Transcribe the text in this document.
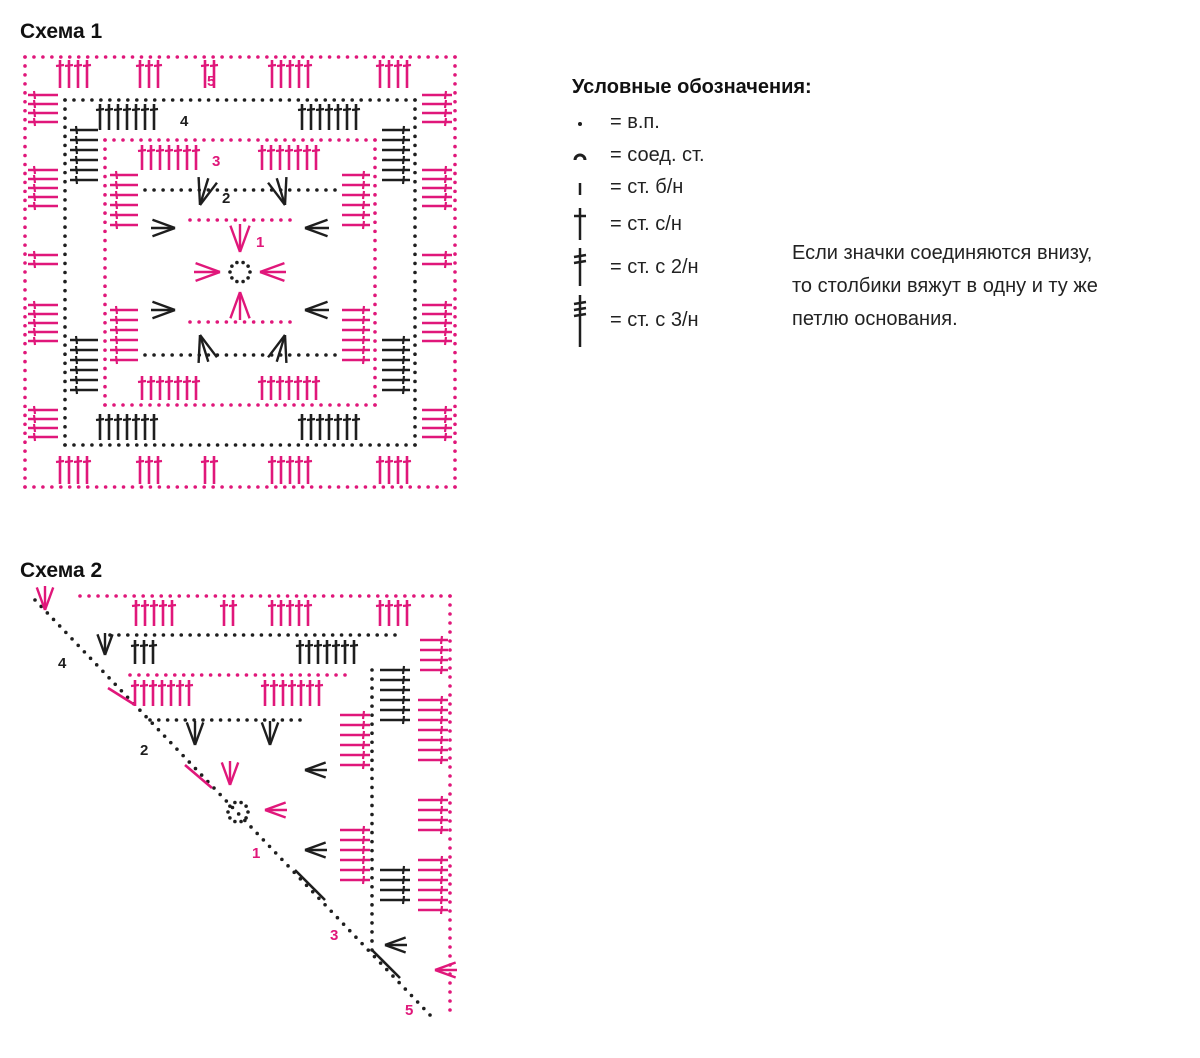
Схема 1
Схема 2
1
2
3
4
5
2
3
4
5
1
Условные обозначения:
= в.п.
= соед. ст.
= ст. б/н
= ст. с/н
= ст. с 2/н
= ст. с 3/н
Если значки соединяются внизу,
то столбики вяжут в одну и ту же
петлю основания.
